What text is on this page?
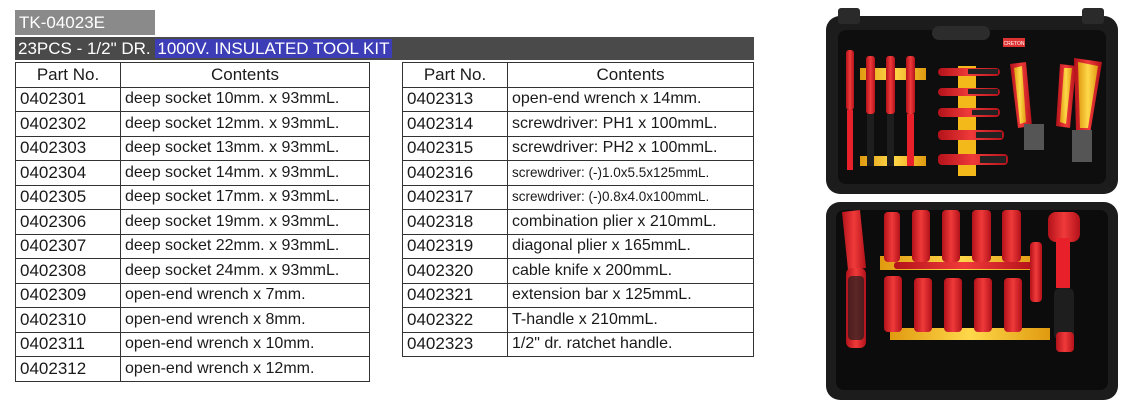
TK-04023E
23PCS - 1/2" DR. 1000V. INSULATED TOOL KIT
Part No.	Contents
0402301	deep socket 10mm. x 93mmL.
0402302	deep socket 12mm. x 93mmL.
0402303	deep socket 13mm. x 93mmL.
0402304	deep socket 14mm. x 93mmL.
0402305	deep socket 17mm. x 93mmL.
0402306	deep socket 19mm. x 93mmL.
0402307	deep socket 22mm. x 93mmL.
0402308	deep socket 24mm. x 93mmL.
0402309	open-end wrench x 7mm.
0402310	open-end wrench x 8mm.
0402311	open-end wrench x 10mm.
0402312	open-end wrench x 12mm.
Part No.	Contents
0402313	open-end wrench x 14mm.
0402314	screwdriver: PH1 x 100mmL.
0402315	screwdriver: PH2 x 100mmL.
0402316	screwdriver: (-)1.0x5.5x125mmL.
0402317	screwdriver: (-)0.8x4.0x100mmL.
0402318	combination plier x 210mmL.
0402319	diagonal plier x 165mmL.
0402320	cable knife x 200mmL.
0402321	extension bar x 125mmL.
0402322	T-handle x 210mmL.
0402323	1/2" dr. ratchet handle.
CRETON
